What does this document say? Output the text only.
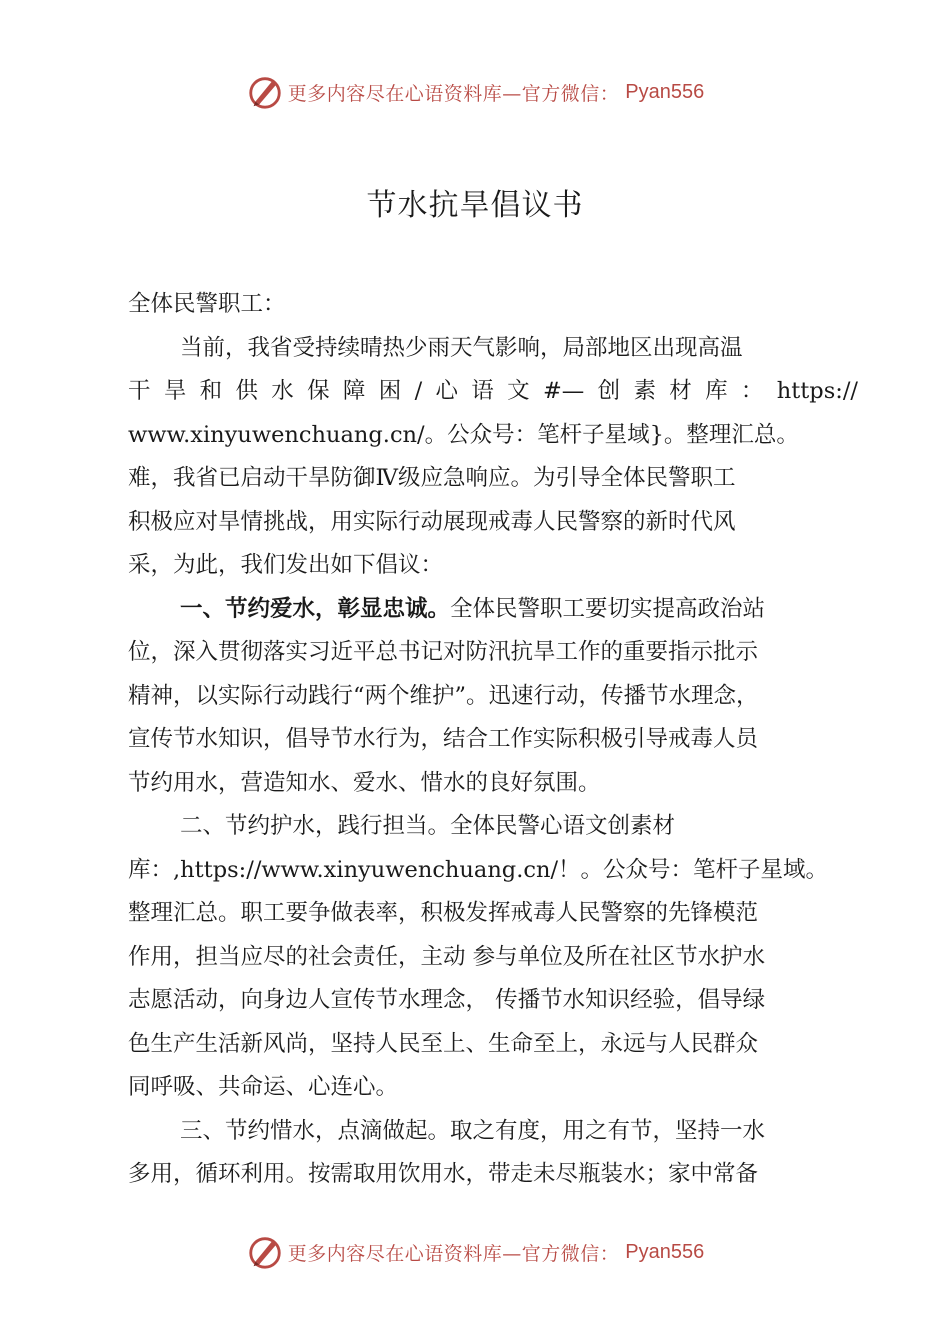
更多内容尽在心语资料库—官方微信： Pyan556
节水抗旱倡议书
全体民警职工：
当前，我省受持续晴热少雨天气影响，局部地区出现高温
干旱和供水保障困/心语文#—创素材库：https://
www.xinyuwenchuang.cn/。公众号：笔杆子星域}。整理汇总。
难，我省已启动干旱防御Ⅳ级应急响应。为引导全体民警职工
积极应对旱情挑战，用实际行动展现戒毒人民警察的新时代风
采，为此，我们发出如下倡议：
一、节约爱水，彰显忠诚。全体民警职工要切实提高政治站
位，深入贯彻落实习近平总书记对防汛抗旱工作的重要指示批示
精神，以实际行动践行“两个维护”。迅速行动，传播节水理念，
宣传节水知识，倡导节水行为，结合工作实际积极引导戒毒人员
节约用水，营造知水、爱水、惜水的良好氛围。
二、节约护水，践行担当。全体民警心语文创素材
库：,https://www.xinyuwenchuang.cn/！。公众号：笔杆子星域。
整理汇总。职工要争做表率，积极发挥戒毒人民警察的先锋模范
作用，担当应尽的社会责任，主动 参与单位及所在社区节水护水
志愿活动，向身边人宣传节水理念， 传播节水知识经验，倡导绿
色生产生活新风尚，坚持人民至上、生命至上，永远与人民群众
同呼吸、共命运、心连心。
三、节约惜水，点滴做起。取之有度，用之有节，坚持一水
多用，循环利用。按需取用饮用水，带走未尽瓶装水；家中常备
更多内容尽在心语资料库—官方微信： Pyan556
